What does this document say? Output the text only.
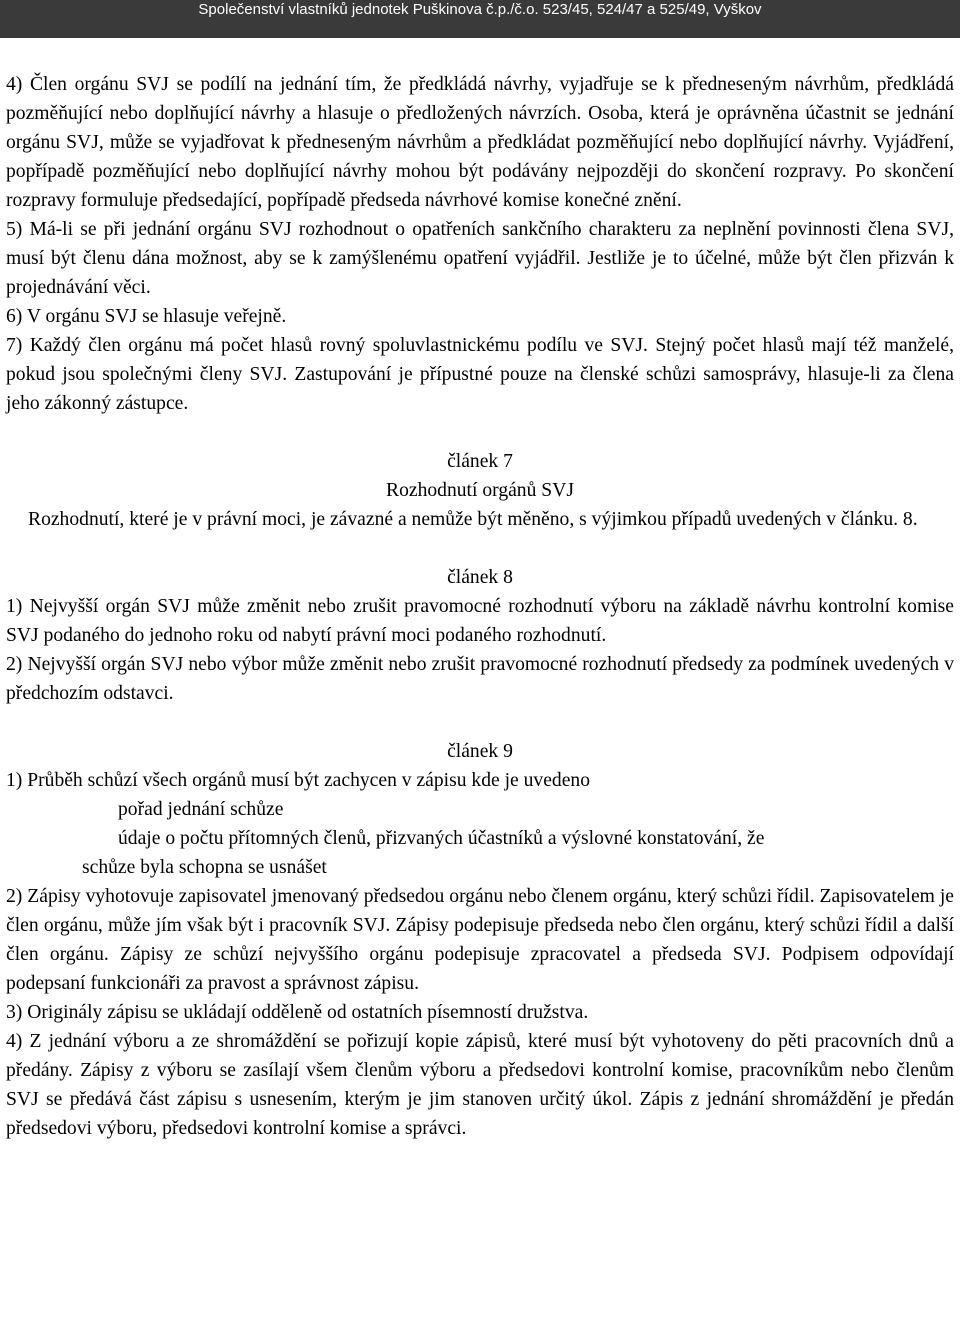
Společenství vlastníků jednotek Puškinova č.p./č.o. 523/45, 524/47 a 525/49, Vyškov

4) Člen orgánu SVJ se podílí na jednání tím, že předkládá návrhy, vyjadřuje se k předneseným návrhům, předkládá pozměňující nebo doplňující návrhy a hlasuje o předložených návrzích. Osoba, která je oprávněna účastnit se jednání orgánu SVJ, může se vyjadřovat k předneseným návrhům a předkládat pozměňující nebo doplňující návrhy. Vyjádření, popřípadě pozměňující nebo doplňující návrhy mohou být podávány nejpozději do skončení rozpravy. Po skončení rozpravy formuluje předsedající, popřípadě předseda návrhové komise konečné znění.

5) Má-li se při jednání orgánu SVJ rozhodnout o opatřeních sankčního charakteru za neplnění povinnosti člena SVJ, musí být členu dána možnost, aby se k zamýšlenému opatření vyjádřil. Jestliže je to účelné, může být člen přizván k projednávání věci.

6) V orgánu SVJ se hlasuje veřejně.

7) Každý člen orgánu má počet hlasů rovný spoluvlastnickému podílu ve SVJ. Stejný počet hlasů mají též manželé, pokud jsou společnými členy SVJ. Zastupování je přípustné pouze na členské schůzi samosprávy, hlasuje-li za člena jeho zákonný zástupce.

článek 7

Rozhodnutí orgánů SVJ

Rozhodnutí, které je v právní moci, je závazné a nemůže být měněno, s výjimkou případů uvedených v článku. 8.

článek 8

1) Nejvyšší orgán SVJ může změnit nebo zrušit pravomocné rozhodnutí výboru na základě návrhu kontrolní komise SVJ podaného do jednoho roku od nabytí právní moci podaného rozhodnutí.

2) Nejvyšší orgán SVJ nebo výbor může změnit nebo zrušit pravomocné rozhodnutí předsedy za podmínek uvedených v předchozím odstavci.

článek 9

1) Průběh schůzí všech orgánů musí být zachycen v zápisu kde je uvedeno

pořad jednání schůze

údaje o počtu přítomných členů, přizvaných účastníků a výslovné konstatování, že

schůze byla schopna se usnášet

2) Zápisy vyhotovuje zapisovatel jmenovaný předsedou orgánu nebo členem orgánu, který schůzi řídil. Zapisovatelem je člen orgánu, může jím však být i pracovník SVJ. Zápisy podepisuje předseda nebo člen orgánu, který schůzi řídil a další člen orgánu. Zápisy ze schůzí nejvyššího orgánu podepisuje zpracovatel a předseda SVJ. Podpisem odpovídají podepsaní funkcionáři za pravost a správnost zápisu.

3) Originály zápisu se ukládají odděleně od ostatních písemností družstva.

4) Z jednání výboru a ze shromáždění se pořizují kopie zápisů, které musí být vyhotoveny do pěti pracovních dnů a předány. Zápisy z výboru se zasílají všem členům výboru a předsedovi kontrolní komise, pracovníkům nebo členům SVJ se předává část zápisu s usnesením, kterým je jim stanoven určitý úkol. Zápis z jednání shromáždění je předán předsedovi výboru, předsedovi kontrolní komise a správci.
